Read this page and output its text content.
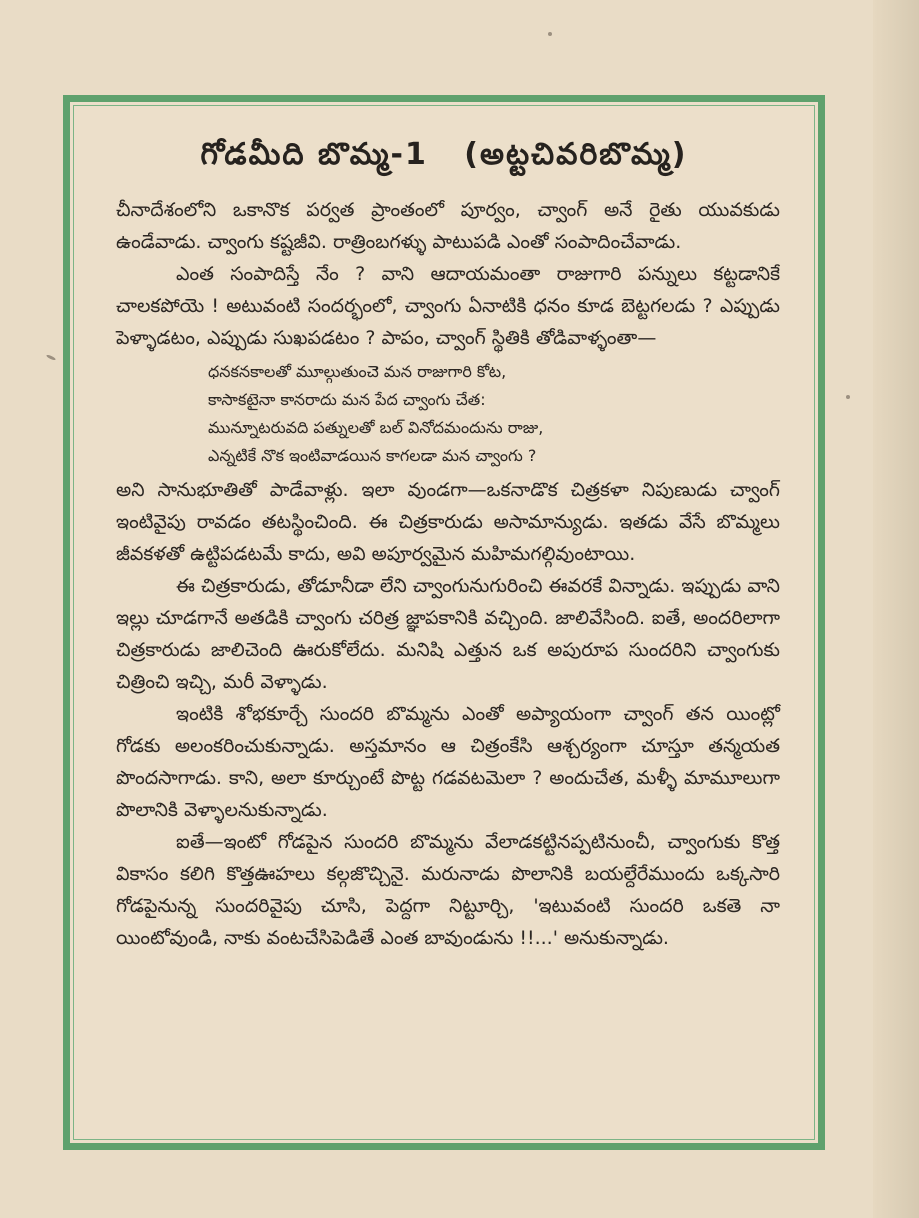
గోడమీది బొమ్మ-1 (అట్టచివరిబొమ్మ)

చీనాదేశంలోని ఒకానొక పర్వత ప్రాంతంలో పూర్వం, చ్వాంగ్ అనే రైతు యువకుడు ఉండేవాడు. చ్వాంగు కష్టజీవి. రాత్రింబగళ్ళు పాటుపడి ఎంతో సంపాదించేవాడు.

ఎంత సంపాదిస్తే నేం ? వాని ఆదాయమంతా రాజుగారి పన్నులు కట్టడానికే చాలకపోయె ! అటువంటి సందర్భంలో, చ్వాంగు ఏనాటికి ధనం కూడ బెట్టగలడు ? ఎప్పుడు పెళ్ళాడటం, ఎప్పుడు సుఖపడటం ? పాపం, చ్వాంగ్ స్థితికి తోడివాళ్ళంతా—

ధనకనకాలతో మూల్గుతుంచెె మన రాజుగారి కోట,
కాసాకటైనా కానరాదు మన పేద చ్వాంగు చేత:
మున్నూటరువది పత్నులతో బల్ వినోదమందును రాజు,
ఎన్నటికే నొక ఇంటివాడయిన కాగలడా మన చ్వాంగు ?

అని సానుభూతితో పాడేవాళ్లు. ఇలా వుండగా—ఒకనాడొక చిత్రకళా నిపుణుడు చ్వాంగ్ ఇంటివైపు రావడం తటస్థించింది. ఈ చిత్రకారుడు అసామాన్యుడు. ఇతడు వేసే బొమ్మలు జీవకళతో ఉట్టిపడటమే కాదు, అవి అపూర్వమైన మహిమగల్గివుంటాయి.

ఈ చిత్రకారుడు, తోడూనీడా లేని చ్వాంగునుగురించి ఈవరకే విన్నాడు. ఇప్పుడు వాని ఇల్లు చూడగానే అతడికి చ్వాంగు చరిత్ర జ్ఞాపకానికి వచ్చింది. జాలివేసింది. ఐతే, అందరిలాగా చిత్రకారుడు జాలిచెంది ఊరుకోలేదు. మనిషి ఎత్తున ఒక అపురూప సుందరిని చ్వాంగుకు చిత్రించి ఇచ్చి, మరీ వెళ్ళాడు.

ఇంటికి శోభకూర్చే సుందరి బొమ్మను ఎంతో అప్యాయంగా చ్వాంగ్ తన యింట్లో గోడకు అలంకరించుకున్నాడు. అస్తమానం ఆ చిత్రంకేసి ఆశ్చర్యంగా చూస్తూ తన్మయత పొందసాగాడు. కాని, అలా కూర్చుంటే పొట్ట గడవటమెలా ? అందుచేత, మళ్ళీ మామూలుగా పొలానికి వెళ్ళాలనుకున్నాడు.

ఐతే—ఇంటో గోడపైన సుందరి బొమ్మను వేలాడకట్టినప్పటినుంచీ, చ్వాంగుకు కొత్త వికాసం కలిగి కొత్తఊహలు కల్గజొచ్చినై. మరునాడు పొలానికి బయల్దేరేముందు ఒక్కసారి గోడపైనున్న సుందరివైపు చూసి, పెద్దగా నిట్టూర్చి, 'ఇటువంటి సుందరి ఒకతె నా యింటోవుండి, నాకు వంటచేసిపెడితే ఎంత బావుండును !!...' అనుకున్నాడు.
